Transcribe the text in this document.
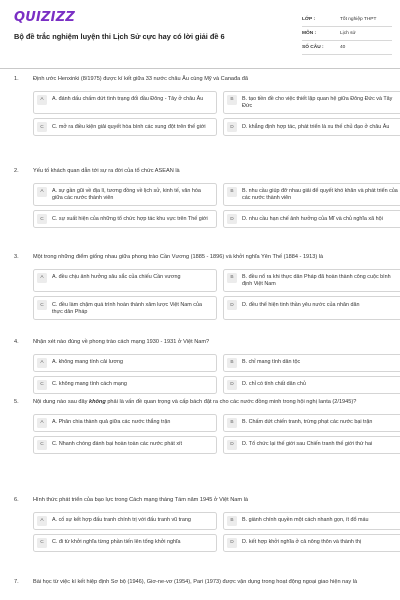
QUIZIZZ
Bộ đề trắc nghiệm luyện thi Lịch Sử cực hay có lời giải đề 6
LỚP :	Tốt nghiệp THPT
MÔN :	Lịch sử
SỐ CÂU :	40
1.	Định ước Henxinki (8/1975) được kí kết giữa 33 nước châu Âu cùng Mỹ và Canađa đã
A	A. đánh dấu chấm dứt tình trạng đối đầu Đông - Tây ở châu Âu	B	B. tạo tiền đề cho việc thiết lập quan hệ giữa Đông Đức và Tây Đức
C	C. mở ra điều kiện giải quyết hòa bình các xung đột trên thế giới	D	D. khẳng định hợp tác, phát triển là xu thế chủ đạo ở châu Âu
2.	Yếu tố khách quan dẫn tới sự ra đời của tổ chức ASEAN là
A	A. sự gần gũi về địa lí, tương đồng về lịch sử, kinh tế, văn hóa giữa các nước thành viên
B	B. nhu cầu giúp đỡ nhau giải để quyết khó khăn và phát triển của các nước thành viên
C	C. sự xuất hiện của những tổ chức hợp tác khu vực trên Thế giới	D	D. nhu cầu hạn chế ảnh hưởng của Mĩ và chủ nghĩa xã hội
3.	Một trong những điểm giống nhau giữa phong trào Cần Vương (1885 - 1896) và khởi nghĩa Yên Thế (1884 - 1913) là
A	A. đều chịu ảnh hưởng sâu sắc của chiếu Cần vương	B	B. đều nổ ra khi thực dân Pháp đã hoàn thành công cuộc bình định Việt Nam
C	C. đều làm chậm quá trình hoàn thành xâm lược Việt Nam của thực dân Pháp
D	D. đều thể hiện tinh thần yêu nước của nhân dân
4.	Nhận xét nào đúng về phong trào cách mạng 1930 - 1931 ở Việt Nam?
A	A. không mang tính cải lương	B	B. chỉ mang tính dân tộc
C	C. không mang tính cách mạng	D	D. chỉ có tính chất dân chủ
5.	Nội dung nào sau đây không phải là vấn đề quan trọng và cấp bách đặt ra cho các nước đồng minh trong hội nghị Ianta (2/1945)?
A	A. Phân chia thành quả giữa các nước thắng trận	B	B. Chấm dứt chiến tranh, trừng phạt các nước bại trận
C	C. Nhanh chóng đánh bại hoàn toàn các nước phát xít	D	D. Tổ chức lại thế giới sau Chiến tranh thế giới thứ hai
6.	Hình thức phát triển của bạo lực trong Cách mạng tháng Tám năm 1945 ở Việt Nam là
A	A. cố sự kết hợp đấu tranh chính trị với đấu tranh vũ trang	B	B. giành chính quyền một cách nhanh gọn, ít đổ máu
C	C. đi từ khởi nghĩa từng phần tiến lên tổng khởi nghĩa	D	D. kết hợp khởi nghĩa ở cả nông thôn và thành thị
7.	Bài học từ việc kí kết hiệp định Sơ bộ (1946), Giơ-ne-vơ (1954), Pari (1973) được vận dụng trong hoạt động ngoại giao hiện nay là
